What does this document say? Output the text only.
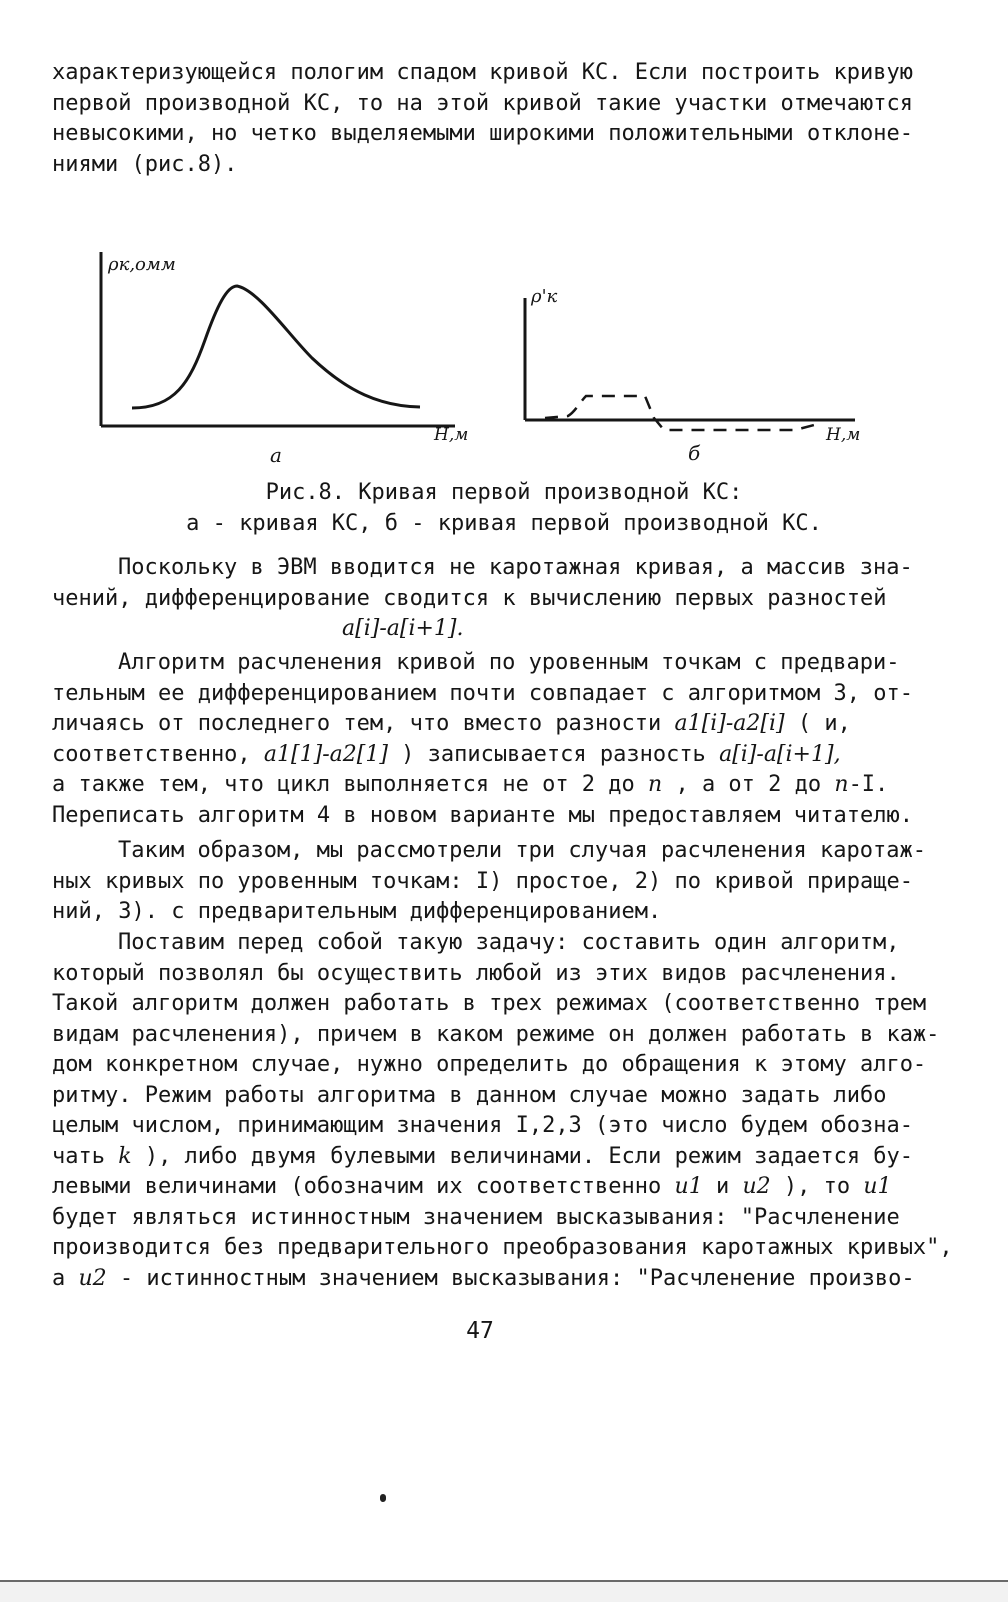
характеризующейся пологим спадом кривой КС. Если построить кривую
первой производной КС, то на этой кривой такие участки отмечаются
невысокими, но четко выделяемыми широкими положительными отклоне-
ниями (рис.8).
ρк,омм
Н,м
а
ρ'к
Н,м
б

Рис.8. Кривая первой производной КС:

а - кривая КС, б - кривая первой производной КС.

Поскольку в ЭВМ вводится не каротажная кривая, а массив зна-
чений, дифференцирование сводится к вычислению первых разностей
a[i]-a[i+1].
Алгоритм расчленения кривой по уровенным точкам с предвари-
тельным ее дифференцированием почти совпадает с алгоритмом 3, от-
личаясь от последнего тем, что вместо разности a1[i]-a2[i] ( и,
соответственно, a1[1]-a2[1] ) записывается разность a[i]-a[i+1],
а также тем, что цикл выполняется не от 2 до n , а от 2 до n-I.
Переписать алгоритм 4 в новом варианте мы предоставляем читателю.
Таким образом, мы рассмотрели три случая расчленения каротаж-
ных кривых по уровенным точкам: I) простое, 2) по кривой прираще-
ний, 3). с предварительным дифференцированием.
Поставим перед собой такую задачу: составить один алгоритм,
который позволял бы осуществить любой из этих видов расчленения.
Такой алгоритм должен работать в трех режимах (соответственно трем
видам расчленения), причем в каком режиме он должен работать в каж-
дом конкретном случае, нужно определить до обращения к этому алго-
ритму. Режим работы алгоритма в данном случае можно задать либо
целым числом, принимающим значения I,2,3 (это число будем обозна-
чать k ), либо двумя булевыми величинами. Если режим задается бу-
левыми величинами (обозначим их соответственно u1 и u2 ), то u1
будет являться истинностным значением высказывания: "Расчленение
производится без предварительного преобразования каротажных кривых",
а u2 - истинностным значением высказывания: "Расчленение произво-
47
